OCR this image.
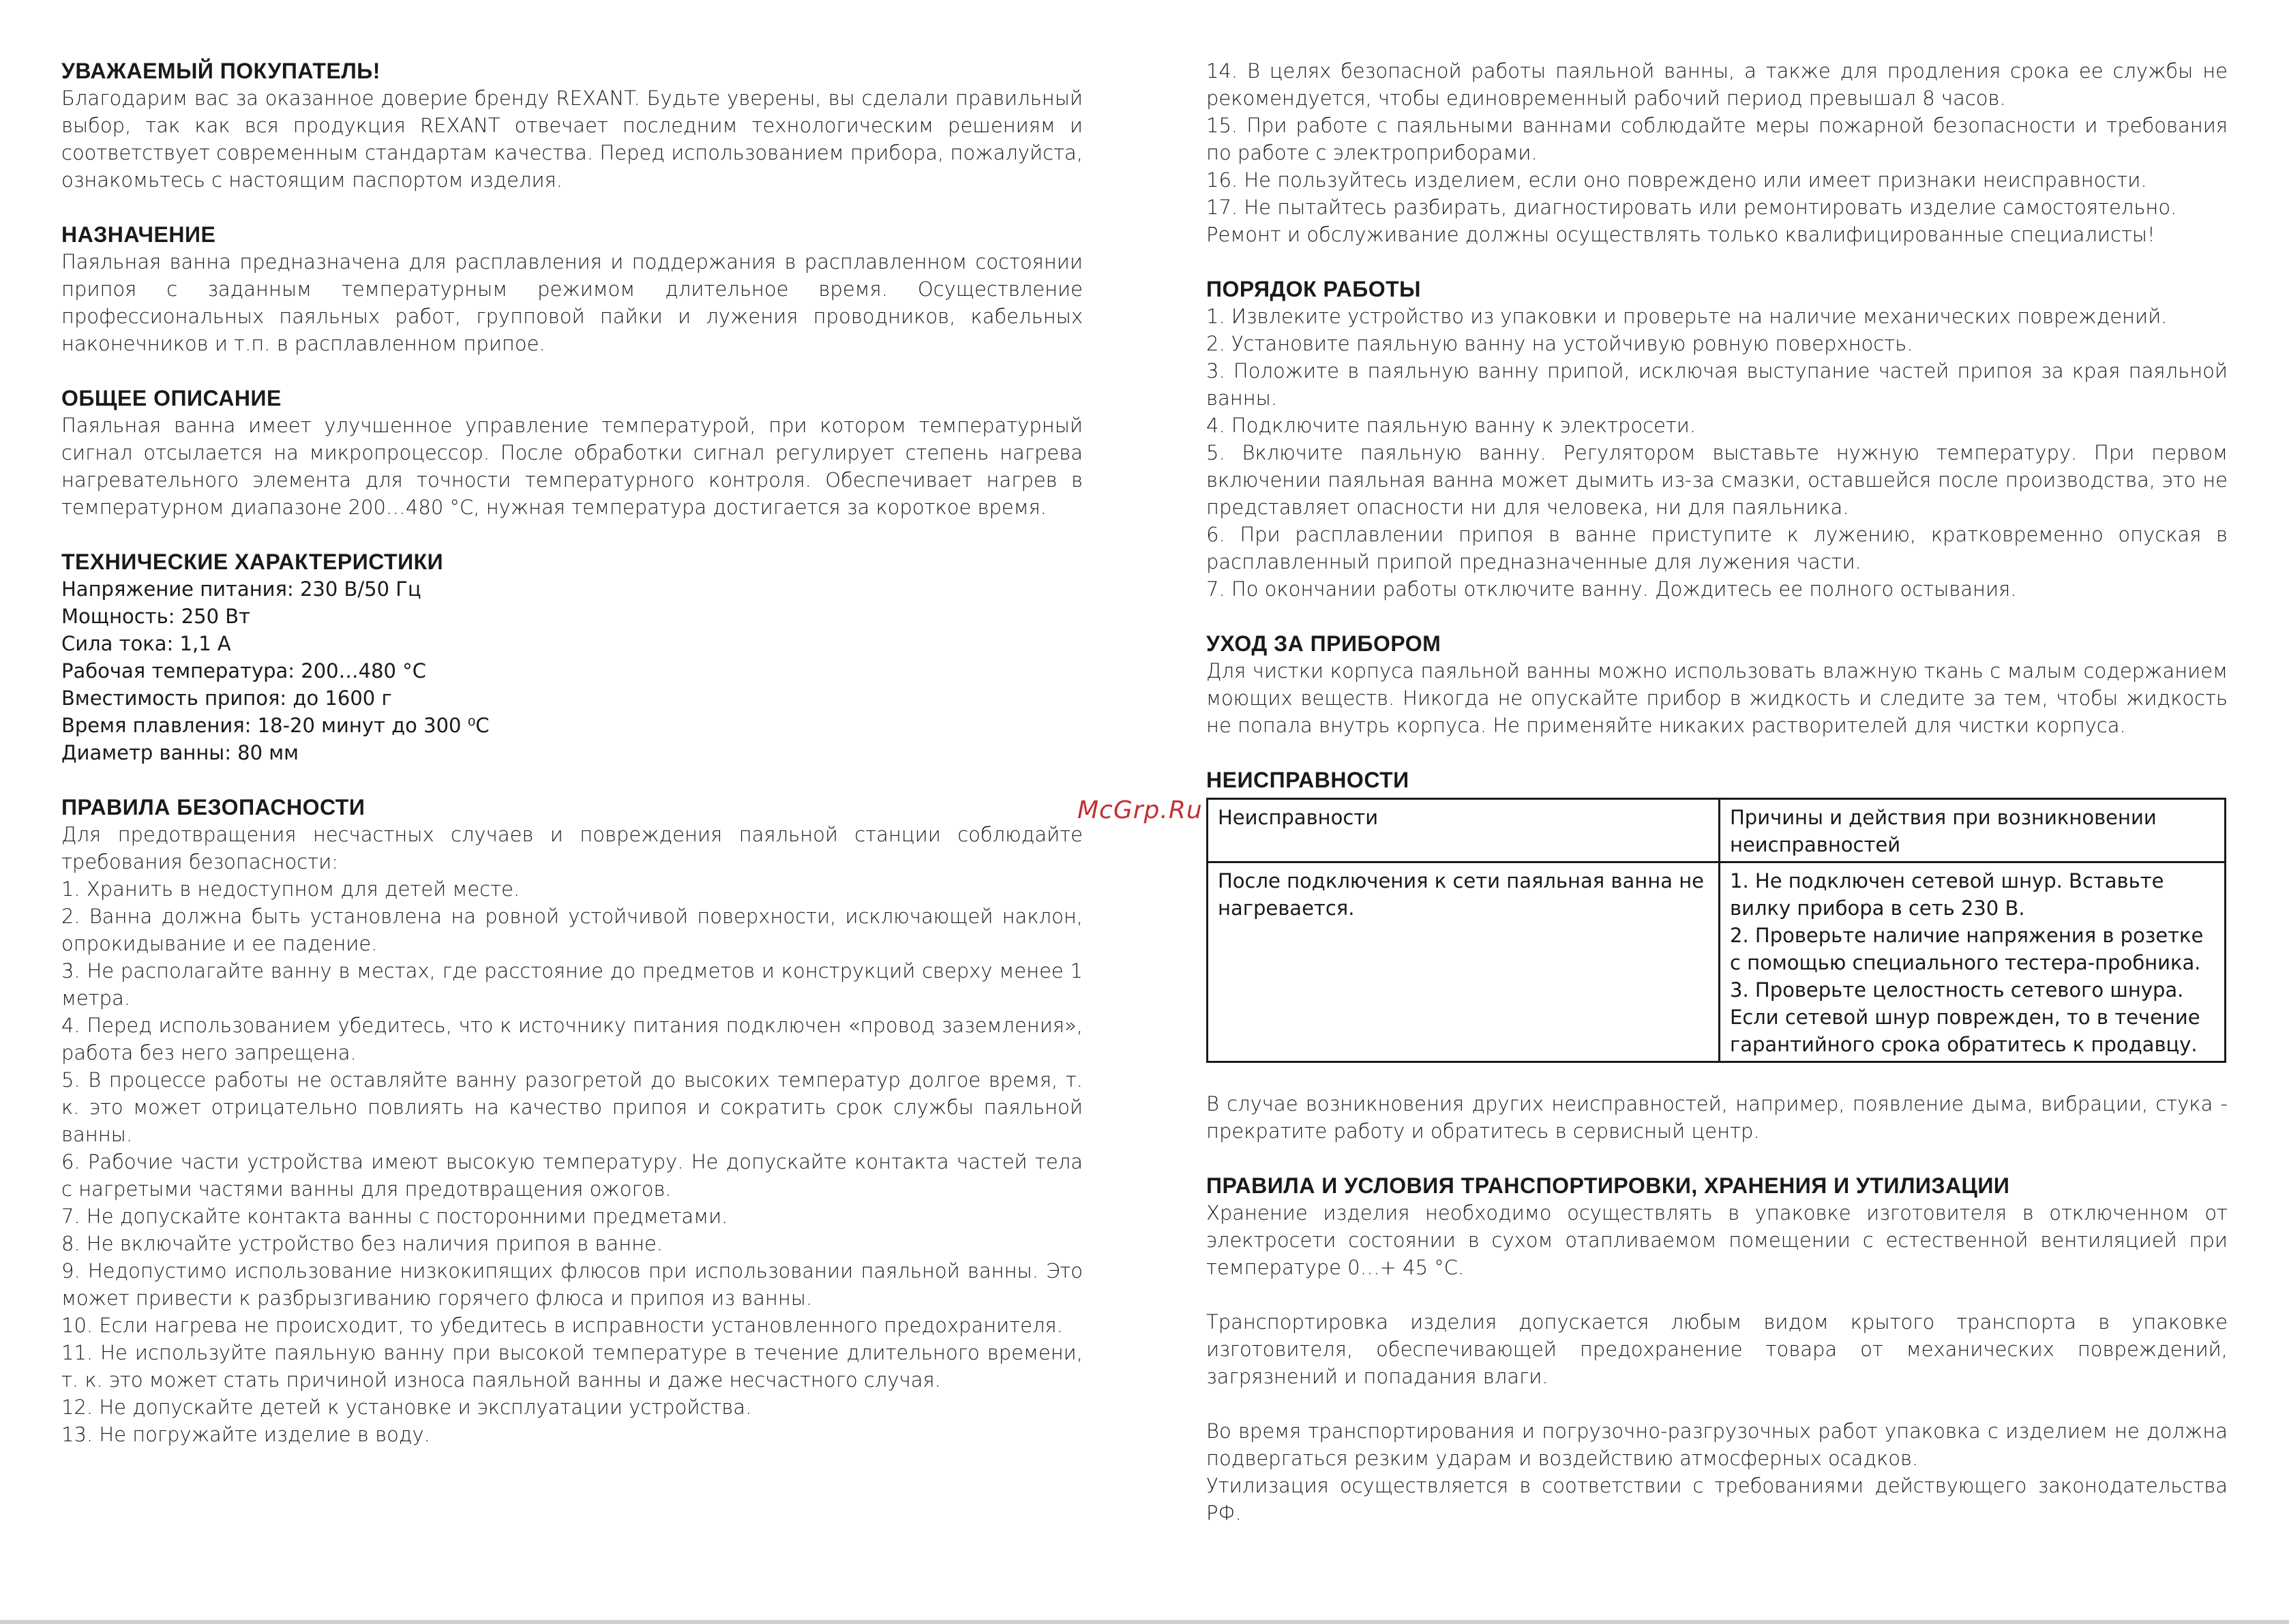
УВАЖАЕМЫЙ ПОКУПАТЕЛЬ!

Благодарим вас за оказанное доверие бренду REXANT. Будьте уверены, вы сделали правильный выбор, так как вся продукция REXANT отвечает последним технологическим решениям и соответствует современным стандартам качества. Перед использованием прибора, пожалуйста, ознакомьтесь с настоящим паспортом изделия.

НАЗНАЧЕНИЕ

Паяльная ванна предназначена для расплавления и поддержания в расплавленном состоянии припоя с заданным температурным режимом длительное время. Осуществление профессиональных паяльных работ, групповой пайки и лужения проводников, кабельных наконечников и т.п. в расплавленном припое.

ОБЩЕЕ ОПИСАНИЕ

Паяльная ванна имеет улучшенное управление температурой, при котором температурный сигнал отсылается на микропроцессор. После обработки сигнал регулирует степень нагрева нагревательного элемента для точности температурного контроля. Обеспечивает нагрев в температурном диапазоне 200…480 °С, нужная температура достигается за короткое время.

ТЕХНИЧЕСКИЕ ХАРАКТЕРИСТИКИ

Напряжение питания: 230 В/50 Гц

Мощность: 250 Вт

Сила тока: 1,1 А

Рабочая температура: 200…480 °С

Вместимость припоя: до 1600 г

Время плавления: 18-20 минут до 300 ⁰С

Диаметр ванны: 80 мм

ПРАВИЛА БЕЗОПАСНОСТИ

Для предотвращения несчастных случаев и повреждения паяльной станции соблюдайте требования безопасности:

1. Хранить в недоступном для детей месте.

2. Ванна должна быть установлена на ровной устойчивой поверхности, исключающей наклон, опрокидывание и ее падение.

3. Не располагайте ванну в местах, где расстояние до предметов и конструкций сверху менее 1 метра.

4. Перед использованием убедитесь, что к источнику питания подключен «провод заземления», работа без него запрещена.

5. В процессе работы не оставляйте ванну разогретой до высоких температур долгое время, т. к. это может отрицательно повлиять на качество припоя и сократить срок службы паяльной ванны.

6. Рабочие части устройства имеют высокую температуру. Не допускайте контакта частей тела с нагретыми частями ванны для предотвращения ожогов.

7. Не допускайте контакта ванны с посторонними предметами.

8. Не включайте устройство без наличия припоя в ванне.

9. Недопустимо использование низкокипящих флюсов при использовании паяльной ванны. Это может привести к разбрызгиванию горячего флюса и припоя из ванны.

10. Если нагрева не происходит, то убедитесь в исправности установленного предохранителя.

11. Не используйте паяльную ванну при высокой температуре в течение длительного времени, т. к. это может стать причиной износа паяльной ванны и даже несчастного случая.

12. Не допускайте детей к установке и эксплуатации устройства.

13. Не погружайте изделие в воду.

14. В целях безопасной работы паяльной ванны, а также для продления срока ее службы не рекомендуется, чтобы единовременный рабочий период превышал 8 часов.

15. При работе с паяльными ваннами соблюдайте меры пожарной безопасности и требования по работе с электроприборами.

16. Не пользуйтесь изделием, если оно повреждено или имеет признаки неисправности.

17. Не пытайтесь разбирать, диагностировать или ремонтировать изделие самостоятельно.

Ремонт и обслуживание должны осуществлять только квалифицированные специалисты!

ПОРЯДОК РАБОТЫ

1. Извлеките устройство из упаковки и проверьте на наличие механических повреждений.

2. Установите паяльную ванну на устойчивую ровную поверхность.

3. Положите в паяльную ванну припой, исключая выступание частей припоя за края паяльной ванны.

4. Подключите паяльную ванну к электросети.

5. Включите паяльную ванну. Регулятором выставьте нужную температуру. При первом включении паяльная ванна может дымить из-за смазки, оставшейся после производства, это не представляет опасности ни для человека, ни для паяльника.

6. При расплавлении припоя в ванне приступите к лужению, кратковременно опуская в расплавленный припой предназначенные для лужения части.

7. По окончании работы отключите ванну. Дождитесь ее полного остывания.

УХОД ЗА ПРИБОРОМ

Для чистки корпуса паяльной ванны можно использовать влажную ткань с малым содержанием моющих веществ. Никогда не опускайте прибор в жидкость и следите за тем, чтобы жидкость не попала внутрь корпуса. Не применяйте никаких растворителей для чистки корпуса.

НЕИСПРАВНОСТИ
Неисправности	Причины и действия при возникновении неисправностей
После подключения к сети паяльная ванна не нагревается.	1. Не подключен сетевой шнур. Вставьте вилку прибора в сеть 230 В.
2. Проверьте наличие напряжения в розетке с помощью специального тестера-пробника.
3. Проверьте целостность сетевого шнура.
Если сетевой шнур поврежден, то в течение гарантийного срока обратитесь к продавцу.

В случае возникновения других неисправностей, например, появление дыма, вибрации, стука - прекратите работу и обратитесь в сервисный центр.

ПРАВИЛА И УСЛОВИЯ ТРАНСПОРТИРОВКИ, ХРАНЕНИЯ И УТИЛИЗАЦИИ

Хранение изделия необходимо осуществлять в упаковке изготовителя в отключенном от электросети состоянии в сухом отапливаемом помещении с естественной вентиляцией при температуре 0…+ 45 °С.

Транспортировка изделия допускается любым видом крытого транспорта в упаковке изготовителя, обеспечивающей предохранение товара от механических повреждений, загрязнений и попадания влаги.

Во время транспортирования и погрузочно-разгрузочных работ упаковка с изделием не должна подвергаться резким ударам и воздействию атмосферных осадков.

Утилизация осуществляется в соответствии с требованиями действующего законодательства РФ.

McGrp.Ru
